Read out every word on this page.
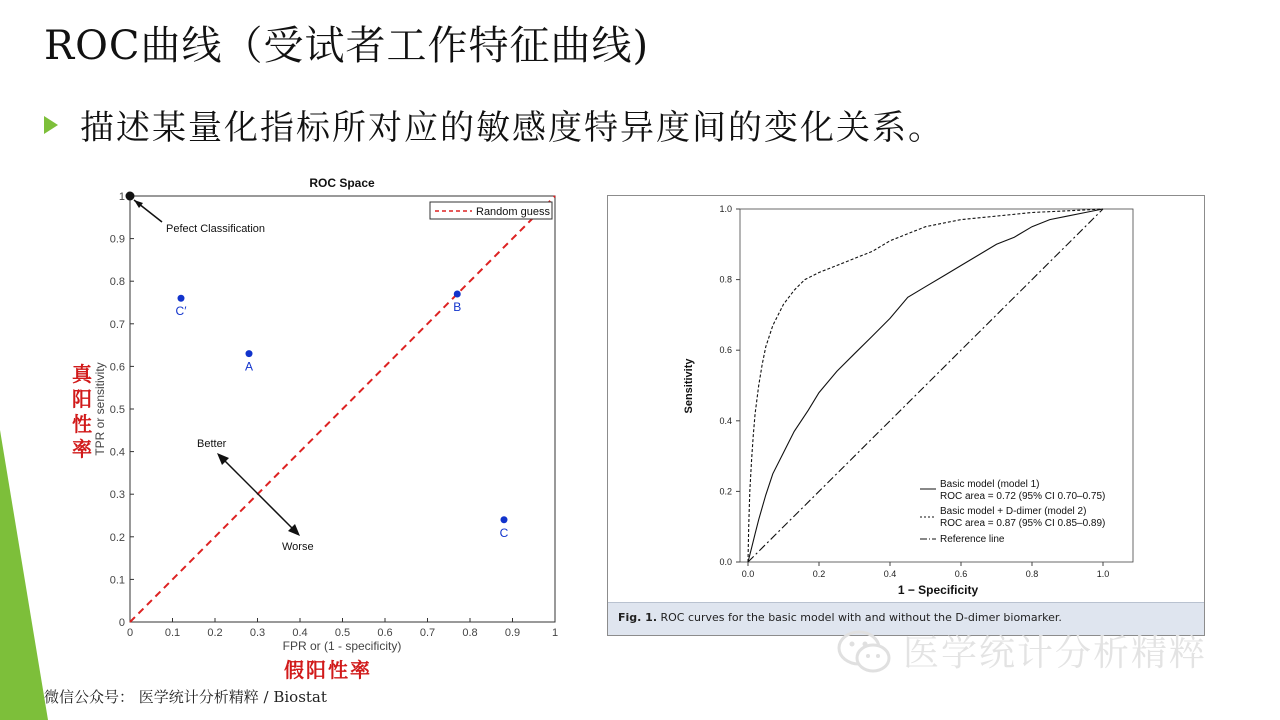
ROC曲线（受试者工作特征曲线)
描述某量化指标所对应的敏感度特异度间的变化关系。
ROC Space
FPR or (1 - specificity)
TPR or sensitivity
0
0
0.1
0.1
0.2
0.2
0.3
0.3
0.4
0.4
0.5
0.5
0.6
0.6
0.7
0.7
0.8
0.8
0.9
0.9
1
1
Random guess
A
B
C
C′
Pefect Classification
Better
Worse
真阳性率
假阳性率
0.0
0.0
0.2
0.2
0.4
0.4
0.6
0.6
0.8
0.8
1.0
1.0
1 − Specificity
Sensitivity
Basic model (model 1)
ROC area = 0.72 (95% CI 0.70–0.75)
Basic model + D-dimer (model 2)
ROC area = 0.87 (95% CI 0.85–0.89)
Reference line
Fig. 1. ROC curves for the basic model with and without the D-dimer biomarker.
医学统计分析精粹
微信公众号： 医学统计分析精粹 / Biostat
